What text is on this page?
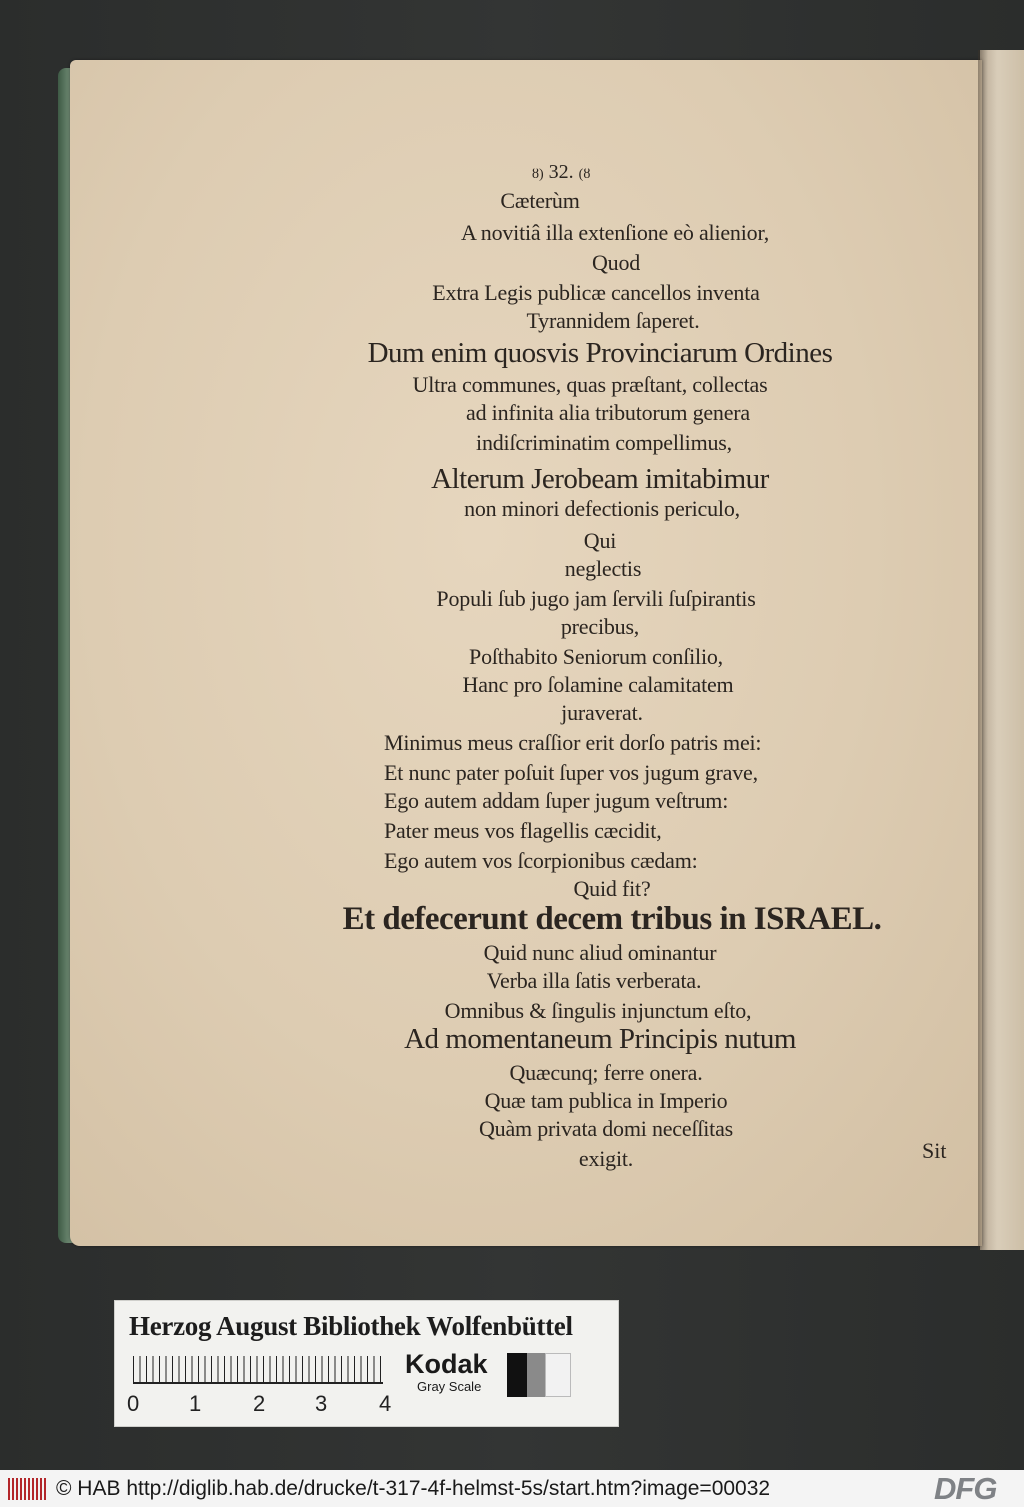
ȣ) 32. (ȣ
Cæterùm
A novitiâ illa extenſione eò alienior,
Quod
Extra Legis publicæ cancellos inventa
Tyrannidem ſaperet.
Dum enim quosvis Provinciarum Ordines
Ultra communes, quas præſtant, collectas
ad infinita alia tributorum genera
indiſcriminatim compellimus,
Alterum Jerobeam imitabimur
non minori defectionis periculo,
Qui
neglectis
Populi ſub jugo jam ſervili ſuſpirantis
precibus,
Poſthabito Seniorum conſilio,
Hanc pro ſolamine calamitatem
juraverat.
Minimus meus craſſior erit dorſo patris mei:
Et nunc pater poſuit ſuper vos jugum grave,
Ego autem addam ſuper jugum veſtrum:
Pater meus vos flagellis cæcidit,
Ego autem vos ſcorpionibus cædam:
Quid fit?
Et defecerunt decem tribus in ISRAEL.
Quid nunc aliud ominantur
Verba illa ſatis verberata.
Omnibus & ſingulis injunctum eſto,
Ad momentaneum Principis nutum
Quæcunq; ferre onera.
Quæ tam publica in Imperio
Quàm privata domi neceſſitas
exigit.	Sit
Herzog August Bibliothek Wolfenbüttel
0 1 2 3 4
Kodak
Gray Scale
© HAB http://diglib.hab.de/drucke/t-317-4f-helmst-5s/start.htm?image=00032	DFG
